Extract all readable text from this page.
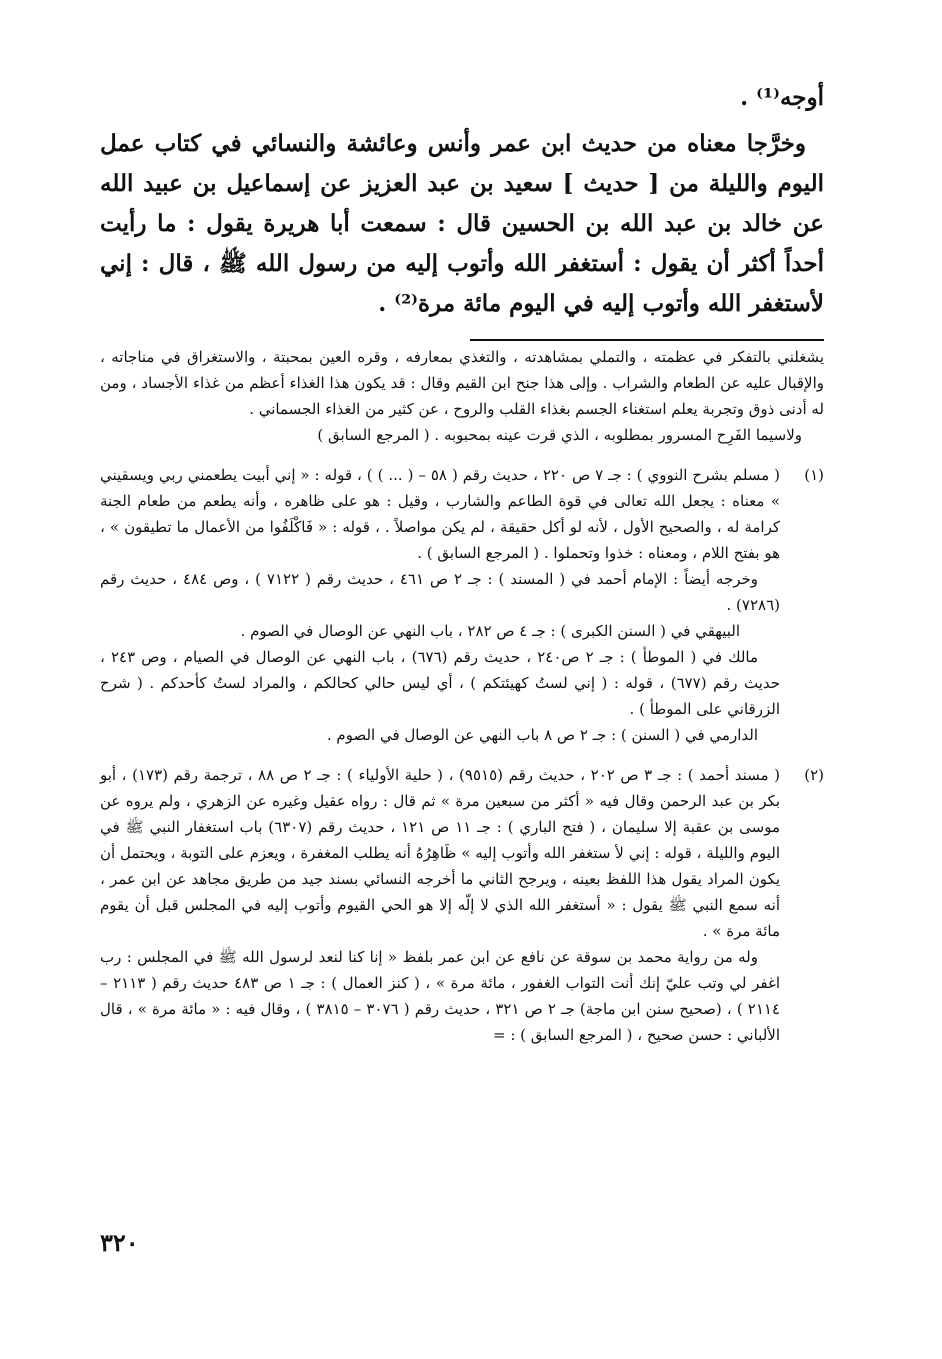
أوجه⁽¹⁾ .

وخرَّجا معناه من حديث ابن عمر وأنس وعائشة والنسائي في كتاب عمل اليوم والليلة من [ حديث ] سعيد بن عبد العزيز عن إسماعيل بن عبيد الله عن خالد بن عبد الله بن الحسين قال : سمعت أبا هريرة يقول : ما رأيت أحداً أكثر أن يقول : أستغفر الله وأتوب إليه من رسول الله ﷺ ، قال : إني لأستغفر الله وأتوب إليه في اليوم مائة مرة⁽²⁾ .

يشغلني بالتفكر في عظمته ، والتملي بمشاهدته ، والتغذي بمعارفه ، وقره العين بمحبتة ، والاستغراق في مناجاته ، والإقبال عليه عن الطعام والشراب . وإلى هذا جنح ابن القيم وقال : قد يكون هذا الغذاء أعظم من غذاء الأجساد ، ومن له أدنى ذوق وتجربة يعلم استغناء الجسم بغذاء القلب والروح ، عن كثير من الغذاء الجسماني .

ولاسيما الفَرِح المسرور بمطلوبه ، الذي قرت عينه بمحبوبه . ( المرجع السابق )

(١)

( مسلم بشرح النووي ) : جـ ٧ ص ٢٢٠ ، حديث رقم ( ٥٨ – ( ... ) ) ، قوله : « إني أبيت يطعمني ربي ويسقيني » معناه : يجعل الله تعالى في قوة الطاعم والشارب ، وقيل : هو على ظاهره ، وأنه يطعم من طعام الجنة كرامة له ، والصحيح الأول ، لأنه لو أكل حقيقة ، لم يكن مواصلاً . ، قوله : « فَاكْلَفُوا من الأعمال ما تطيقون » ، هو بفتح اللام ، ومعناه : خذوا وتحملوا . ( المرجع السابق ) .

وخرجه أيضاً : الإمام أحمد في ( المسند ) : جـ ٢ ص ٤٦١ ، حديث رقم ( ٧١٢٢ ) ، وص ٤٨٤ ، حديث رقم (٧٢٨٦) .

البيهقي في ( السنن الكبرى ) : جـ ٤ ص ٢٨٢ ، باب النهي عن الوصال في الصوم .

مالك في ( الموطأ ) : جـ ٢ ص٢٤٠ ، حديث رقم (٦٧٦) ، باب النهي عن الوصال في الصيام ، وص ٢٤٣ ، حديث رقم (٦٧٧) ، قوله : ( إني لستُ كهيئتكم ) ، أي ليس حالي كحالكم ، والمراد لستُ كأحدكم . ( شرح الزرقاني على الموطأ ) .

الدارمي في ( السنن ) : جـ ٢ ص ٨ باب النهي عن الوصال في الصوم .

(٢)

( مسند أحمد ) : جـ ٣ ص ٢٠٢ ، حديث رقم (٩٥١٥) ، ( حلية الأولياء ) : جـ ٢ ص ٨٨ ، ترجمة رقم (١٧٣) ، أبو بكر بن عبد الرحمن وقال فيه « أكثر من سبعين مرة » ثم قال : رواه عقيل وغيره عن الزهري ، ولم يروه عن موسى بن عقبة إلا سليمان ، ( فتح الباري ) : جـ ١١ ص ١٢١ ، حديث رقم (٦٣٠٧) باب استغفار النبي ﷺ في اليوم والليلة ، قوله : إني لأ ستغفر الله وأتوب إليه » ظَاهِرُهُ أنه يطلب المغفرة ، ويعزم على التوبة ، ويحتمل أن يكون المراد يقول هذا اللفظ بعينه ، ويرجح الثاني ما أخرجه النسائي بسند جيد من طريق مجاهد عن ابن عمر ، أنه سمع النبي ﷺ يقول : « أستغفر الله الذي لا إلّه إلا هو الحي القيوم وأتوب إليه في المجلس قبل أن يقوم مائة مرة » .

وله من رواية محمد بن سوقة عن نافع عن ابن عمر بلفظ « إنا كنا لنعد لرسول الله ﷺ في المجلس : رب اغفر لي وتب عليّ إنك أنت التواب الغفور ، مائة مرة » ، ( كنز العمال ) : جـ ١ ص ٤٨٣ حديث رقم ( ٢١١٣ – ٢١١٤ ) ، (صحيح سنن ابن ماجة) جـ ٢ ص ٣٢١ ، حديث رقم ( ٣٠٧٦ – ٣٨١٥ ) ، وقال فيه : « مائة مرة » ، قال الألباني : حسن صحيح ، ( المرجع السابق ) : =

٣٢٠
